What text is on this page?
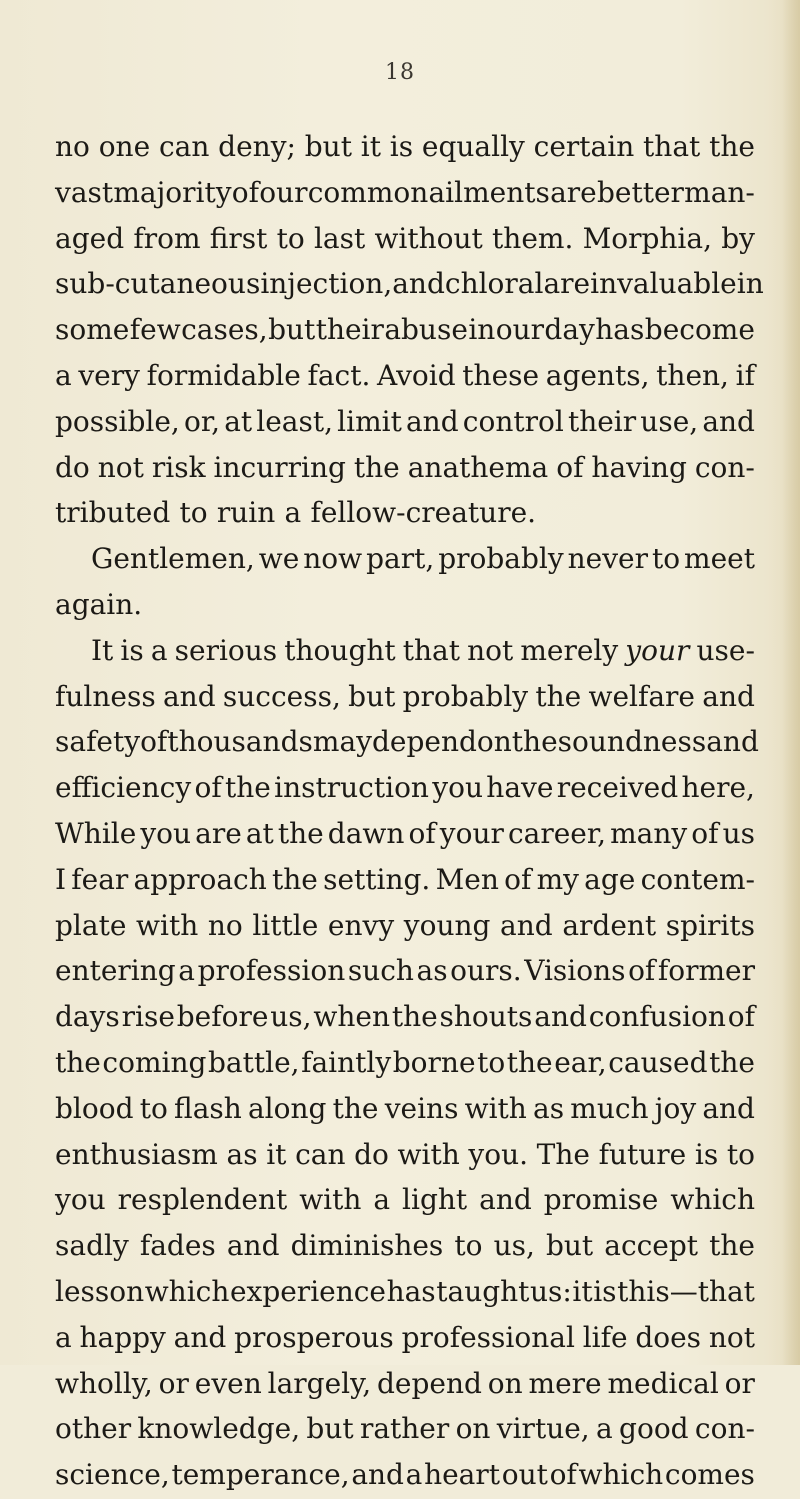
18
no one can deny; but it is equally certain that the
vast majority of our common ailments are better man-
aged from first to last without them. Morphia, by
sub-cutaneous injection, and chloral are invaluable in
some few cases, but their abuse in our day has become
a very formidable fact. Avoid these agents, then, if
possible, or, at least, limit and control their use, and
do not risk incurring the anathema of having con-
tributed to ruin a fellow-creature.
Gentlemen, we now part, probably never to meet
again.
It is a serious thought that not merely your use-
fulness and success, but probably the welfare and
safety of thousands may depend on the soundness and
efficiency of the instruction you have received here,
While you are at the dawn of your career, many of us
I fear approach the setting. Men of my age contem-
plate with no little envy young and ardent spirits
entering a profession such as ours. Visions of former
days rise before us, when the shouts and confusion of
the coming battle, faintly borne to the ear, caused the
blood to flash along the veins with as much joy and
enthusiasm as it can do with you. The future is to
you resplendent with a light and promise which
sadly fades and diminishes to us, but accept the
lesson which experience has taught us: it is this—that
a happy and prosperous professional life does not
wholly, or even largely, depend on mere medical or
other knowledge, but rather on virtue, a good con-
science, temperance, and a heart out of which comes
